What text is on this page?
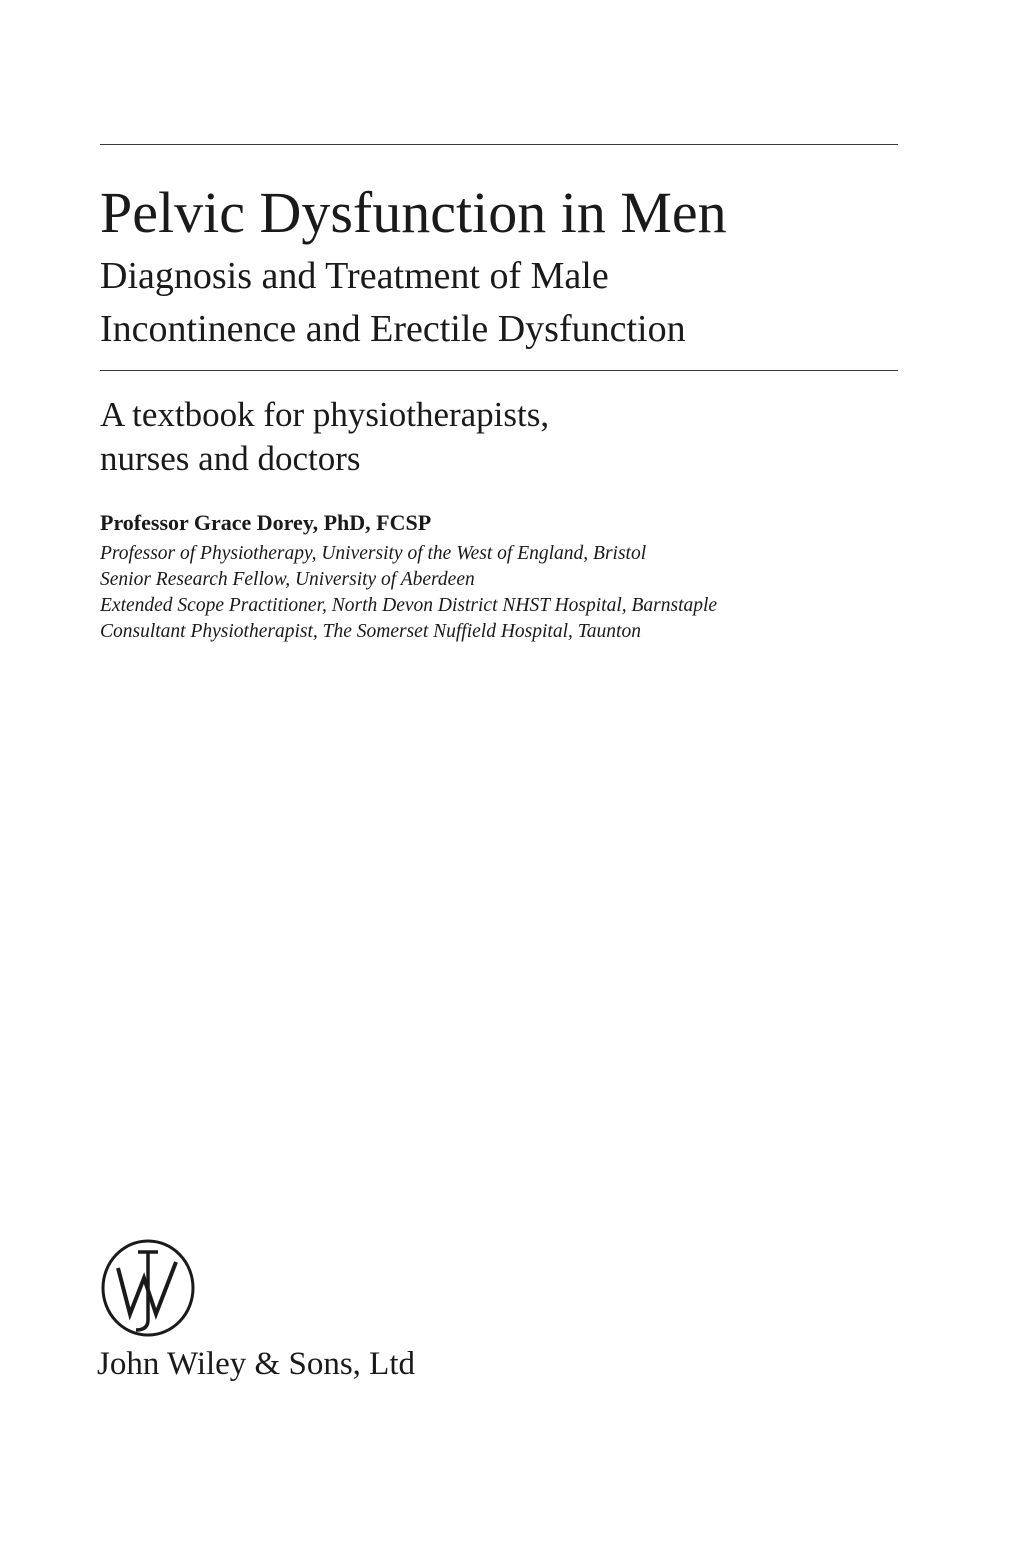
Pelvic Dysfunction in Men
Diagnosis and Treatment of Male
Incontinence and Erectile Dysfunction

A textbook for physiotherapists,
nurses and doctors

Professor Grace Dorey, PhD, FCSP

Professor of Physiotherapy, University of the West of England, Bristol
Senior Research Fellow, University of Aberdeen
Extended Scope Practitioner, North Devon District NHST Hospital, Barnstaple
Consultant Physiotherapist, The Somerset Nuffield Hospital, Taunton

John Wiley & Sons, Ltd
